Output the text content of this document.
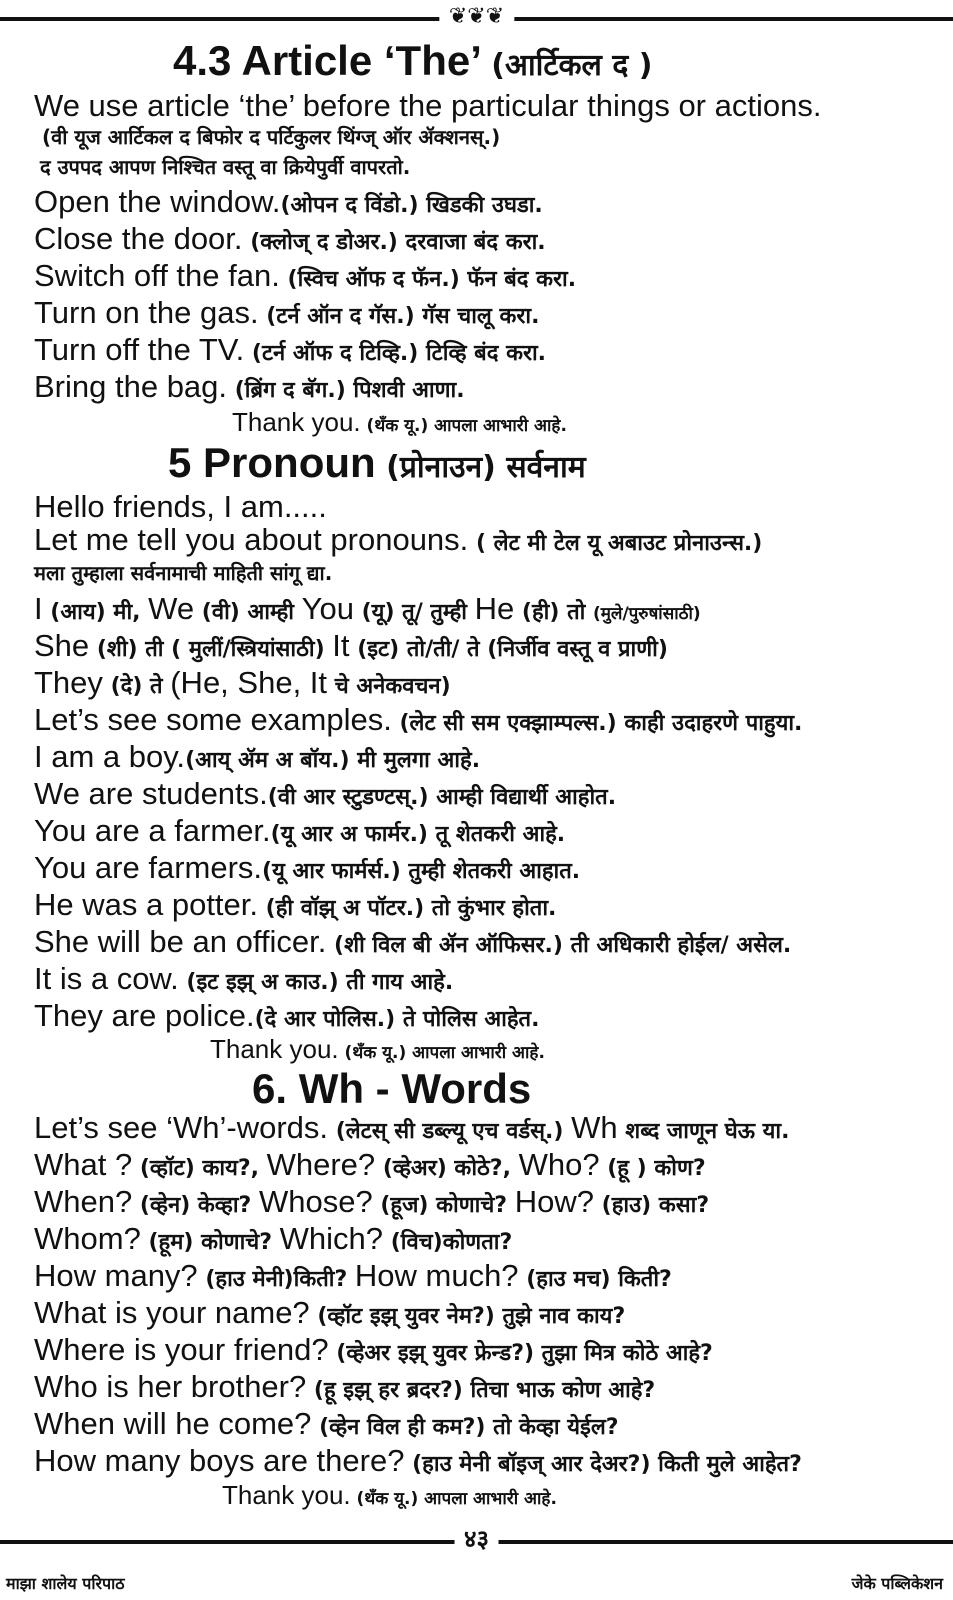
❦❦❦
4.3 Article ‘The’ (आर्टिकल द )
We use article ‘the’ before the particular things or actions.
(वी यूज आर्टिकल द बिफोर द पर्टिकुलर थिंग्ज् ऑर ॲक्शनस्.)
द उपपद आपण निश्चित वस्तू वा क्रियेपुर्वी वापरतो.
Open the window.(ओपन द विंडो.) खिडकी उघडा.
Close the door. (क्लोज् द डोअर.) दरवाजा बंद करा.
Switch off the fan. (स्विच ऑफ द फॅन.) फॅन बंद करा.
Turn on the gas. (टर्न ऑन द गॅस.) गॅस चालू करा.
Turn off the TV. (टर्न ऑफ द टिव्हि.) टिव्हि बंद करा.
Bring the bag. (ब्रिंग द बॅग.) पिशवी आणा.
Thank you. (थँक यू.) आपला आभारी आहे.
5 Pronoun (प्रोनाउन) सर्वनाम
Hello friends, I am.....
Let me tell you about pronouns. ( लेट मी टेल यू अबाउट प्रोनाउन्स.)
मला तुम्हाला सर्वनामाची माहिती सांगू द्या.
I (आय) मी, We (वी) आम्ही You (यू) तू/ तुम्ही He (ही) तो (मुले/पुरुषांसाठी)
She (शी) ती ( मुलीं/स्त्रियांसाठी) It (इट) तो/ती/ ते (निर्जीव वस्तू व प्राणी)
They (दे) ते (He, She, It चे अनेकवचन)
Let’s see some examples. (लेट सी सम एक्झाम्पल्स.) काही उदाहरणे पाहुया.
I am a boy.(आय् ॲम अ बॉय.) मी मुलगा आहे.
We are students.(वी आर स्टुडण्टस्.) आम्ही विद्यार्थी आहोत.
You are a farmer.(यू आर अ फार्मर.) तू शेतकरी आहे.
You are farmers.(यू आर फार्मर्स.) तुम्ही शेतकरी आहात.
He was a potter. (ही वॉझ् अ पॉटर.) तो कुंभार होता.
She will be an officer. (शी विल बी ॲन ऑफिसर.) ती अधिकारी होईल/ असेल.
It is a cow. (इट इझ् अ काउ.) ती गाय आहे.
They are police.(दे आर पोलिस.) ते पोलिस आहेत.
Thank you. (थँक यू.) आपला आभारी आहे.
6. Wh - Words
Let’s see ‘Wh’-words. (लेटस् सी डब्ल्यू एच वर्डस्.) Wh शब्द जाणून घेऊ या.
What ? (व्हॉट) काय?, Where? (व्हेअर) कोठे?, Who? (हू ) कोण?
When? (व्हेन) केव्हा? Whose? (हूज) कोणाचे? How? (हाउ) कसा?
Whom? (हूम) कोणाचे? Which? (विच)कोणता?
How many? (हाउ मेनी)किती? How much? (हाउ मच) किती?
What is your name? (व्हॉट इझ् युवर नेम?) तुझे नाव काय?
Where is your friend? (व्हेअर इझ् युवर फ्रेन्ड?) तुझा मित्र कोठे आहे?
Who is her brother? (हू इझ् हर ब्रदर?) तिचा भाऊ कोण आहे?
When will he come? (व्हेन विल ही कम?) तो केव्हा येईल?
How many boys are there? (हाउ मेनी बॉइज् आर देअर?) किती मुले आहेत?
Thank you. (थँक यू.) आपला आभारी आहे.
४३
माझा शालेय परिपाठ	जेके पब्लिकेशन
